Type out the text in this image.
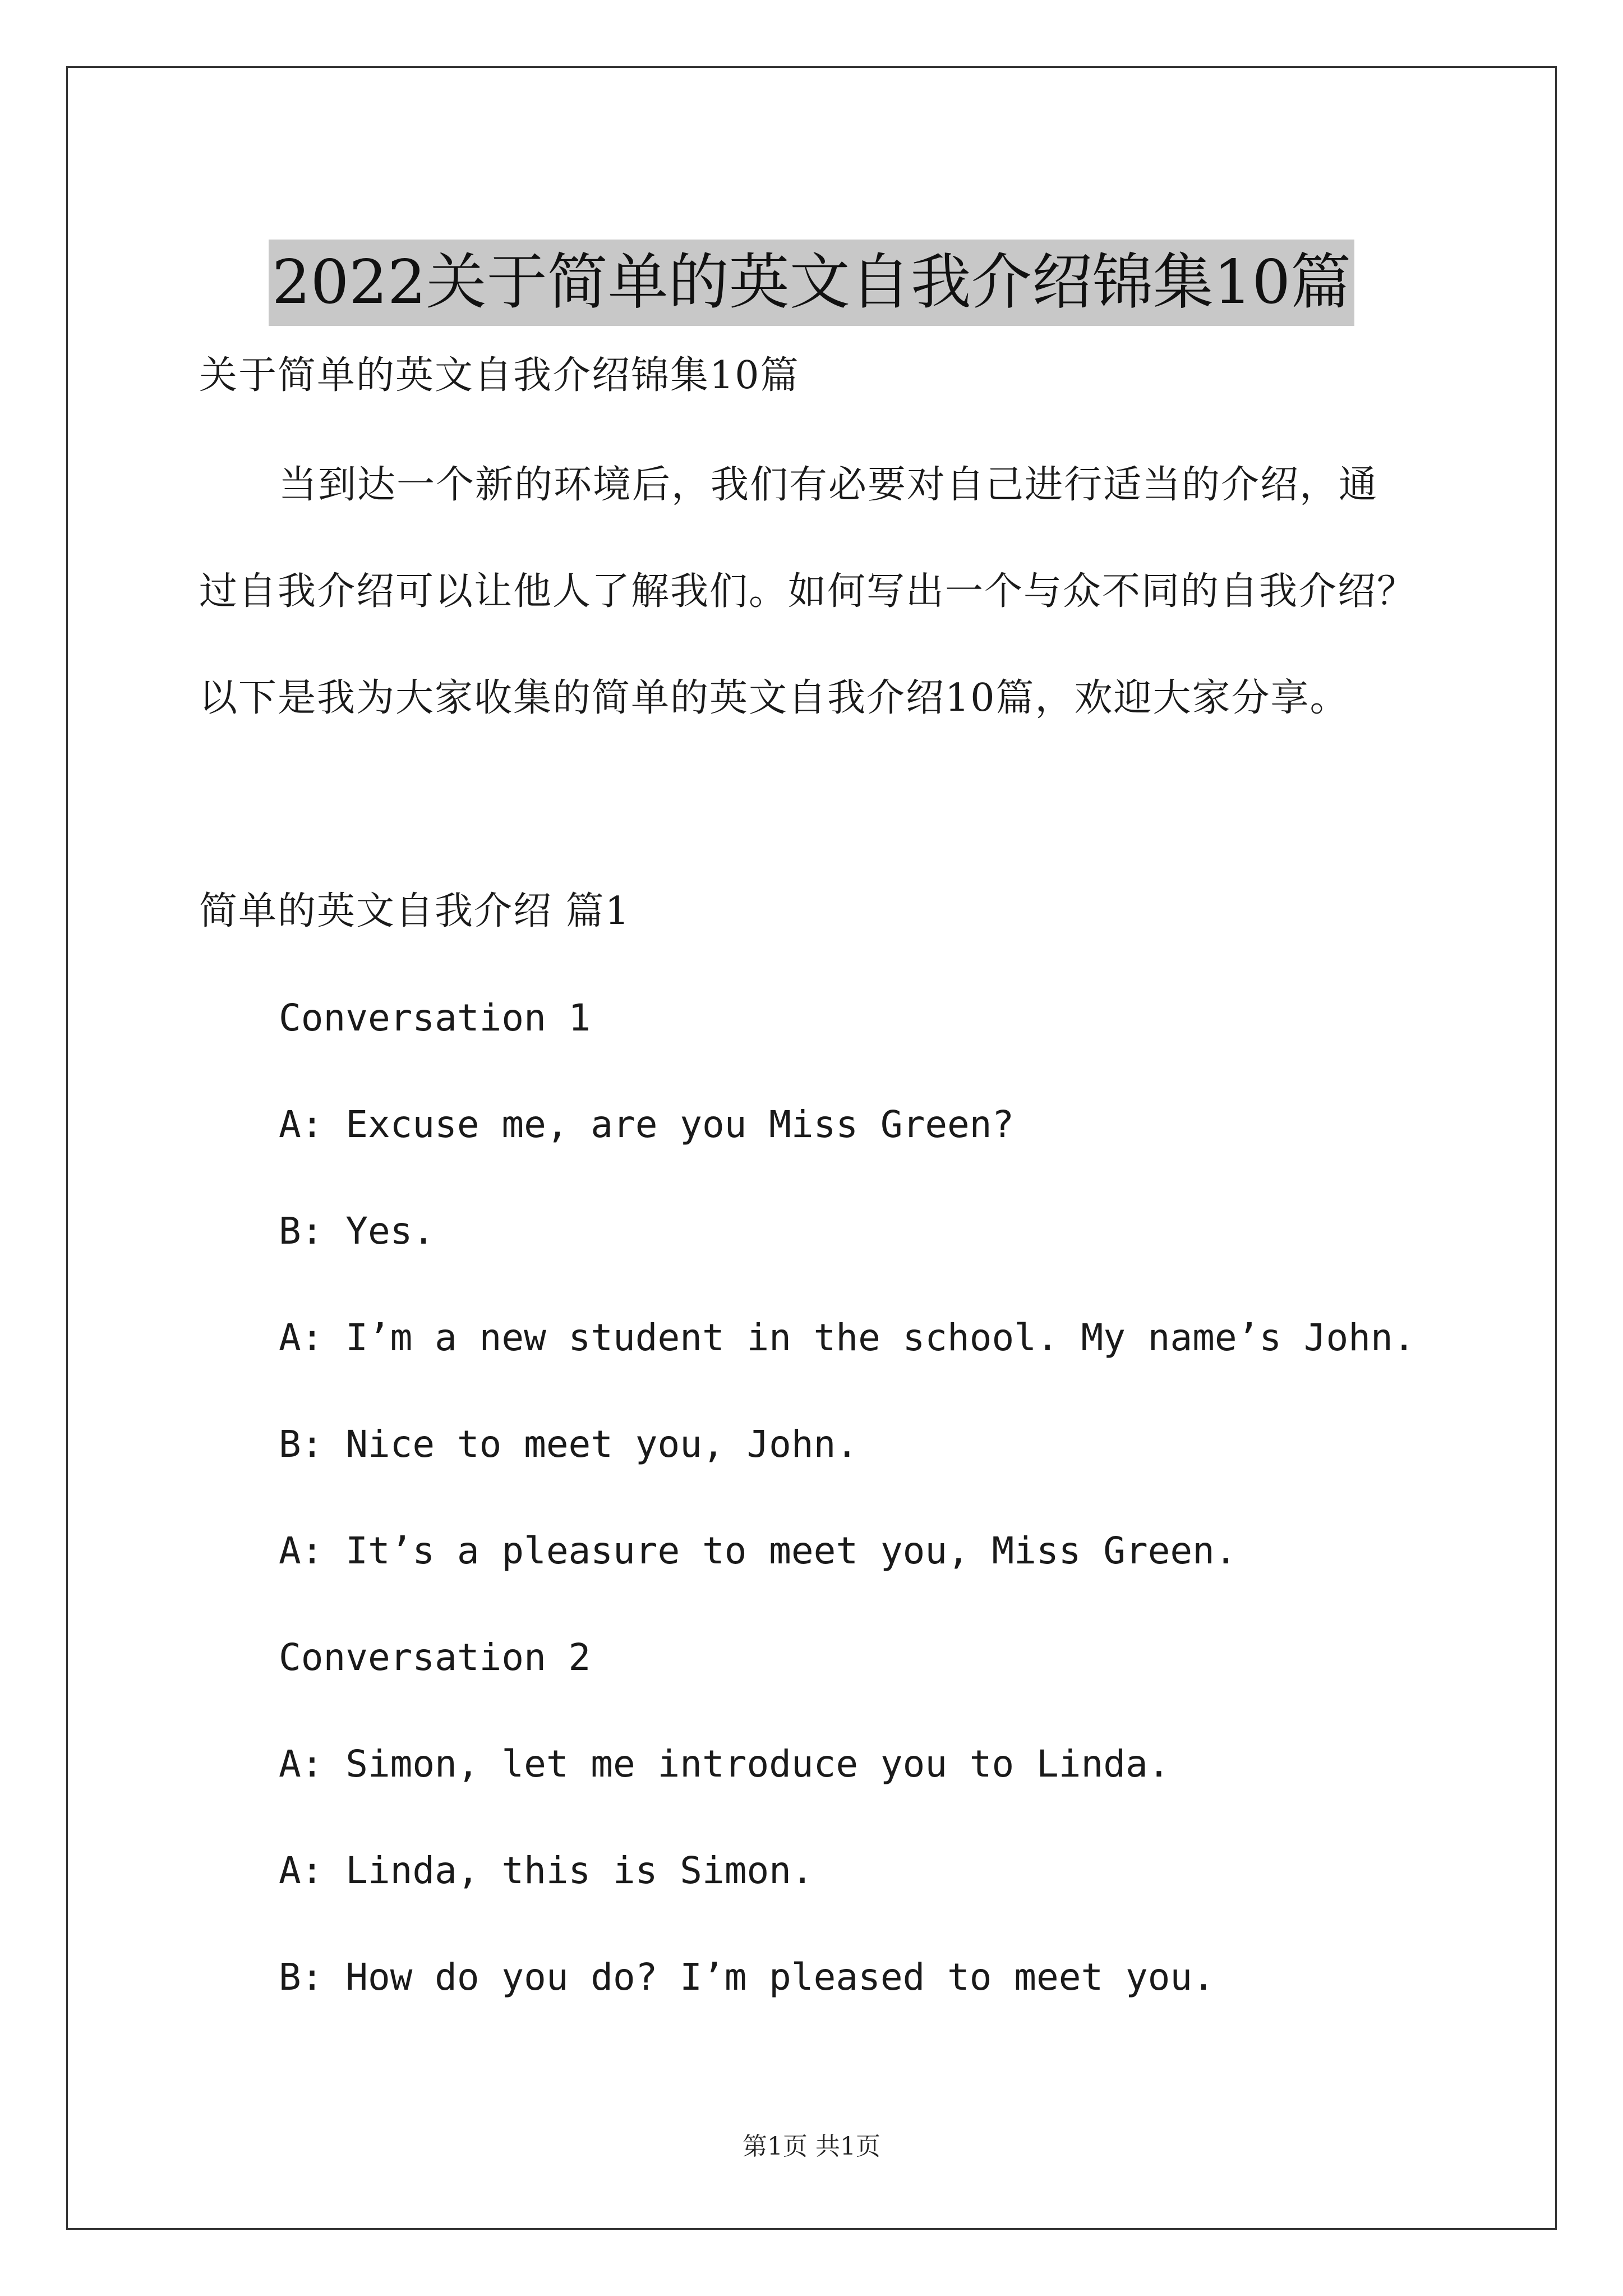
2022关于简单的英文自我介绍锦集10篇
关于简单的英文自我介绍锦集10篇
当到达一个新的环境后，我们有必要对自己进行适当的介绍，通
过自我介绍可以让他人了解我们。如何写出一个与众不同的自我介绍？
以下是我为大家收集的简单的英文自我介绍10篇，欢迎大家分享。
简单的英文自我介绍 篇1
Conversation 1
A: Excuse me, are you Miss Green?
B: Yes.
A: I’m a new student in the school. My name’s John.
B: Nice to meet you, John.
A: It’s a pleasure to meet you, Miss Green.
Conversation 2
A: Simon, let me introduce you to Linda.
A: Linda, this is Simon.
B: How do you do? I’m pleased to meet you.
第1页 共1页
